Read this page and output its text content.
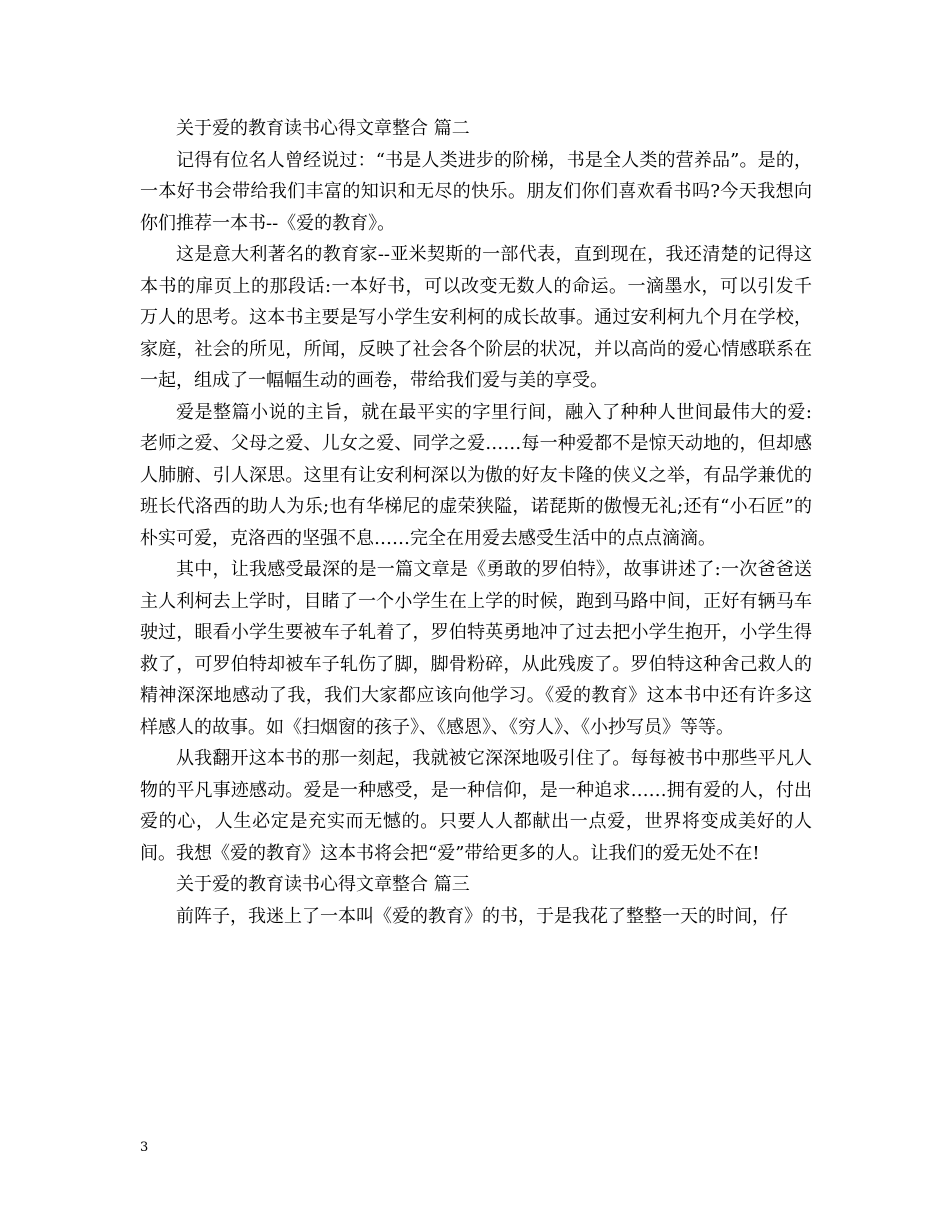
关于爱的教育读书心得文章整合 篇二

记得有位名人曾经说过：“书是人类进步的阶梯，书是全人类的营养品”。是的，一本好书会带给我们丰富的知识和无尽的快乐。朋友们你们喜欢看书吗?今天我想向你们推荐一本书--《爱的教育》。

这是意大利著名的教育家--亚米契斯的一部代表，直到现在，我还清楚的记得这本书的扉页上的那段话:一本好书，可以改变无数人的命运。一滴墨水，可以引发千万人的思考。这本书主要是写小学生安利柯的成长故事。通过安利柯九个月在学校，家庭，社会的所见，所闻，反映了社会各个阶层的状况，并以高尚的爱心情感联系在一起，组成了一幅幅生动的画卷，带给我们爱与美的享受。

爱是整篇小说的主旨，就在最平实的字里行间，融入了种种人世间最伟大的爱:老师之爱、父母之爱、儿女之爱、同学之爱……每一种爱都不是惊天动地的，但却感人肺腑、引人深思。这里有让安利柯深以为傲的好友卡隆的侠义之举，有品学兼优的班长代洛西的助人为乐;也有华梯尼的虚荣狭隘，诺琵斯的傲慢无礼;还有“小石匠”的朴实可爱，克洛西的坚强不息……完全在用爱去感受生活中的点点滴滴。

其中，让我感受最深的是一篇文章是《勇敢的罗伯特》，故事讲述了:一次爸爸送主人利柯去上学时，目睹了一个小学生在上学的时候，跑到马路中间，正好有辆马车驶过，眼看小学生要被车子轧着了，罗伯特英勇地冲了过去把小学生抱开，小学生得救了，可罗伯特却被车子轧伤了脚，脚骨粉碎，从此残废了。罗伯特这种舍己救人的精神深深地感动了我，我们大家都应该向他学习。《爱的教育》这本书中还有许多这样感人的故事。如《扫烟窗的孩子》、《感恩》、《穷人》、《小抄写员》等等。

从我翻开这本书的那一刻起，我就被它深深地吸引住了。每每被书中那些平凡人物的平凡事迹感动。爱是一种感受，是一种信仰，是一种追求……拥有爱的人，付出爱的心，人生必定是充实而无憾的。只要人人都献出一点爱，世界将变成美好的人间。我想《爱的教育》这本书将会把“爱”带给更多的人。让我们的爱无处不在!

关于爱的教育读书心得文章整合 篇三

前阵子，我迷上了一本叫《爱的教育》的书，于是我花了整整一天的时间，仔

3
